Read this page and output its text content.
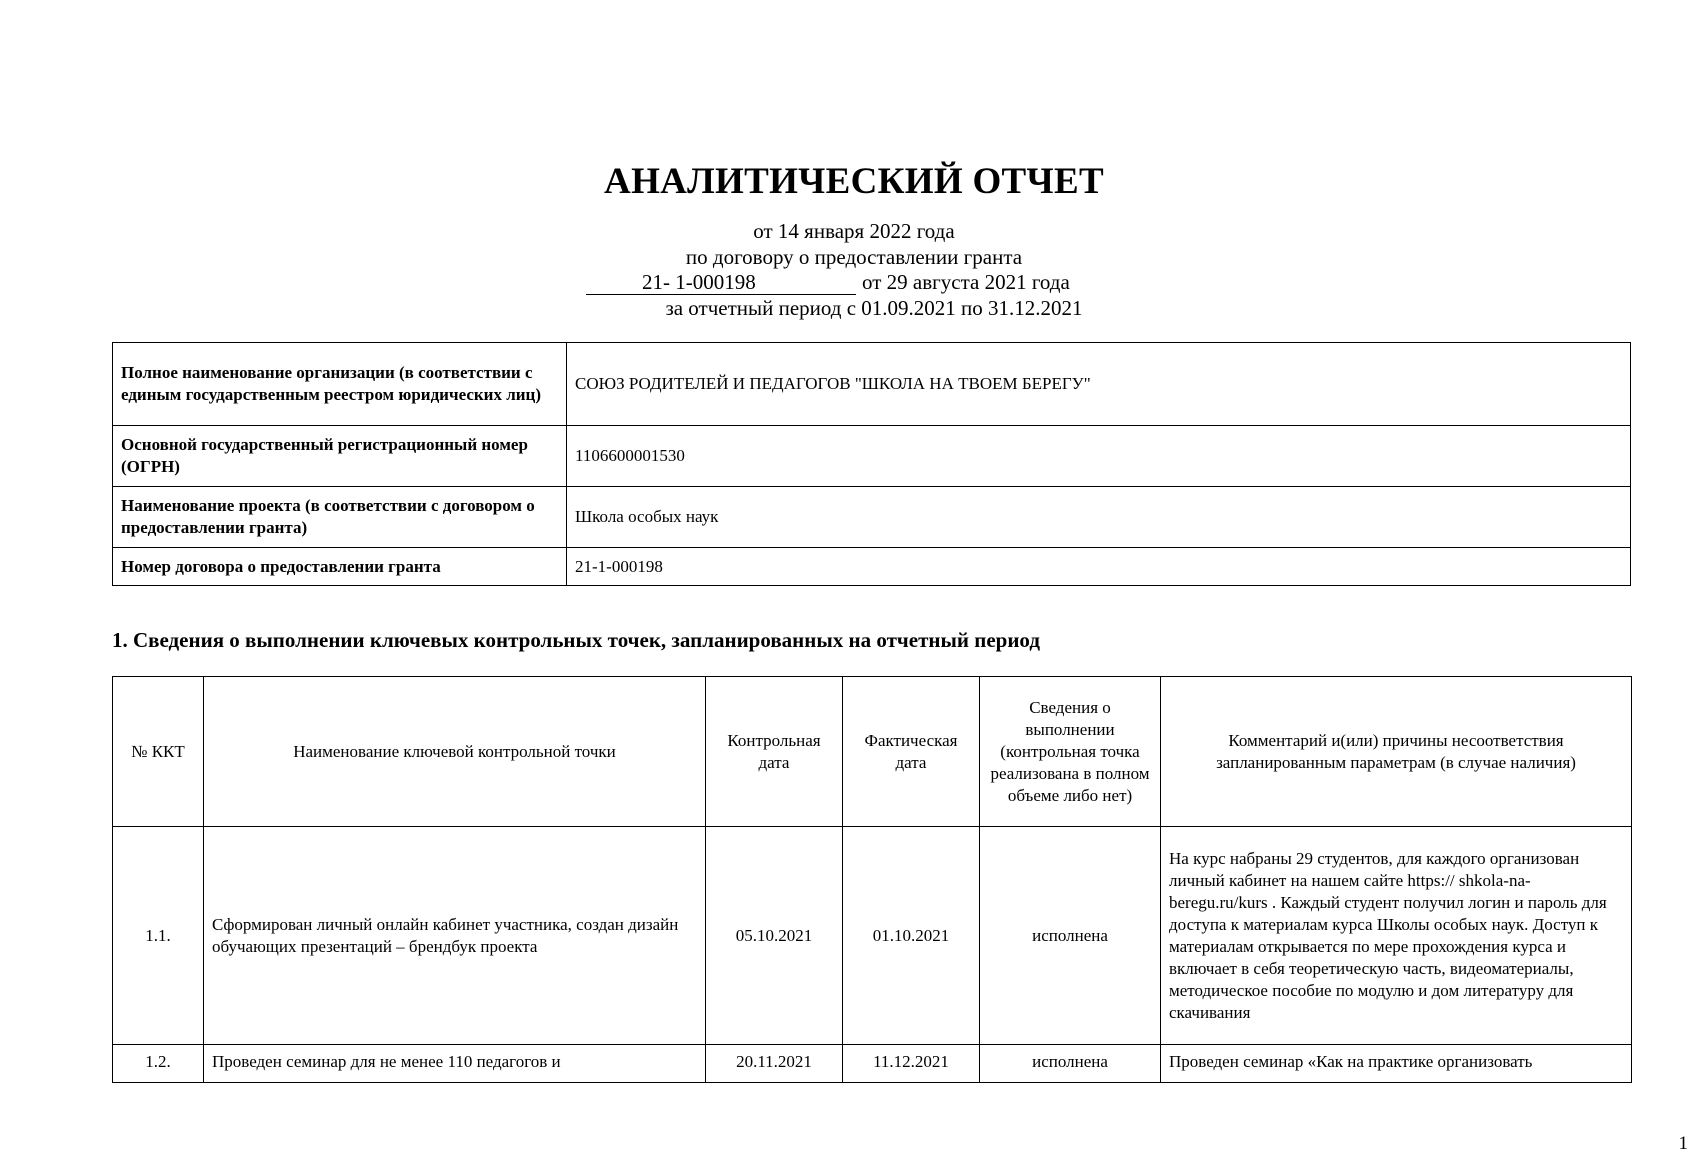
АНАЛИТИЧЕСКИЙ ОТЧЕТ
от 14 января 2022 года
по договору о предоставлении гранта
21- 1-000198	от 29 августа 2021 года
за отчетный период с 01.09.2021 по 31.12.2021
Полное наименование организации (в соответствии с единым государственным реестром юридических лиц)	СОЮЗ РОДИТЕЛЕЙ И ПЕДАГОГОВ "ШКОЛА НА ТВОЕМ БЕРЕГУ"
Основной государственный регистрационный номер (ОГРН)	1106600001530
Наименование проекта (в соответствии с договором о предоставлении гранта)	Школа особых наук
Номер договора о предоставлении гранта	21-1-000198
1. Сведения о выполнении ключевых контрольных точек, запланированных на отчетный период
№ ККТ	Наименование ключевой контрольной точки	Контрольная дата	Фактическая дата	Сведения о выполнении (контрольная точка реализована в полном объеме либо нет)	Комментарий и(или) причины несоответствия запланированным параметрам (в случае наличия)
1.1.	Сформирован личный онлайн кабинет участника, создан дизайн обучающих презентаций – брендбук проекта	05.10.2021	01.10.2021	исполнена	На курс набраны 29 студентов, для каждого организован личный кабинет на нашем сайте https:// shkola-na-beregu.ru/kurs . Каждый студент получил логин и пароль для доступа к материалам курса Школы особых наук. Доступ к материалам открывается по мере прохождения курса и включает в себя теоретическую часть, видеоматериалы, методическое пособие по модулю и дом литературу для скачивания
1.2.	Проведен семинар для не менее 110 педагогов и	20.11.2021	11.12.2021	исполнена	Проведен семинар «Как на практике организовать
1
